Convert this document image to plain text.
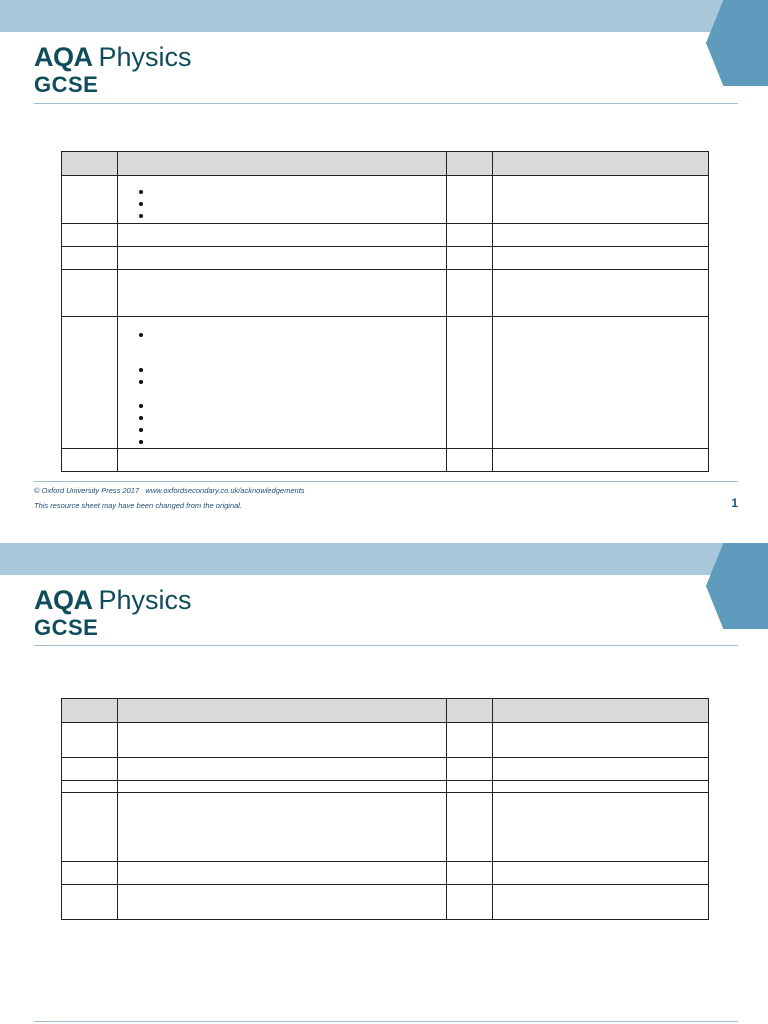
AQA Physics
GCSE

© Oxford University Press 2017 www.oxfordsecondary.co.uk/acknowledgements
This resource sheet may have been changed from the original.	1
AQA Physics
GCSE
